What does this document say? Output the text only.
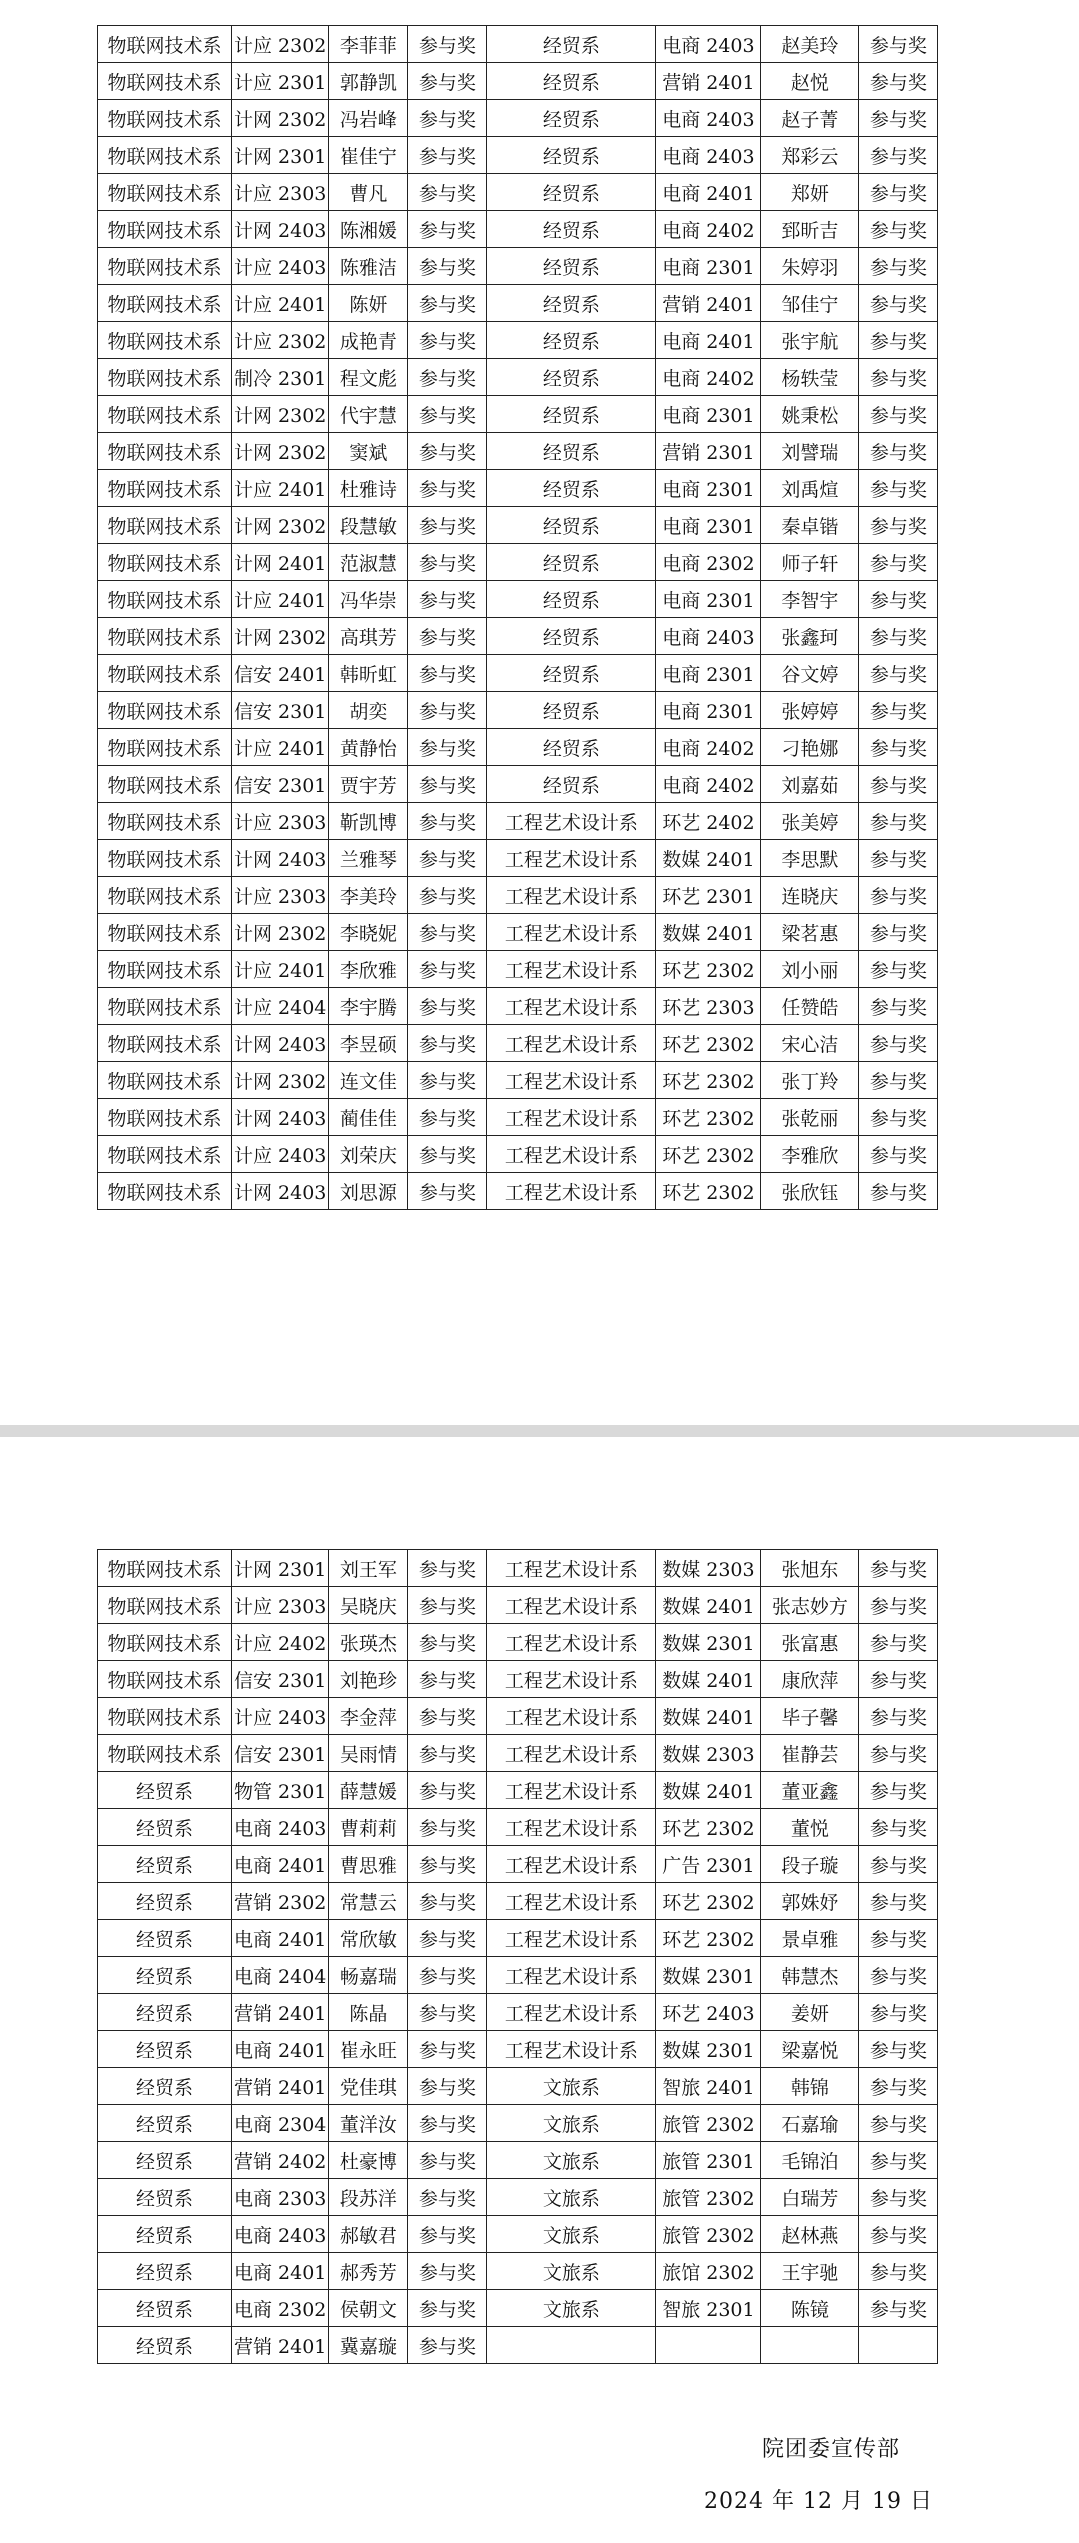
物联网技术系	计应 2302	李菲菲	参与奖	经贸系	电商 2403	赵美玲	参与奖
物联网技术系	计应 2301	郭静凯	参与奖	经贸系	营销 2401	赵悦	参与奖
物联网技术系	计网 2302	冯岩峰	参与奖	经贸系	电商 2403	赵子菁	参与奖
物联网技术系	计网 2301	崔佳宁	参与奖	经贸系	电商 2403	郑彩云	参与奖
物联网技术系	计应 2303	曹凡	参与奖	经贸系	电商 2401	郑妍	参与奖
物联网技术系	计网 2403	陈湘媛	参与奖	经贸系	电商 2402	郅昕吉	参与奖
物联网技术系	计应 2403	陈雅洁	参与奖	经贸系	电商 2301	朱婷羽	参与奖
物联网技术系	计应 2401	陈妍	参与奖	经贸系	营销 2401	邹佳宁	参与奖
物联网技术系	计应 2302	成艳青	参与奖	经贸系	电商 2401	张宇航	参与奖
物联网技术系	制冷 2301	程文彪	参与奖	经贸系	电商 2402	杨轶莹	参与奖
物联网技术系	计网 2302	代宇慧	参与奖	经贸系	电商 2301	姚秉松	参与奖
物联网技术系	计网 2302	窦斌	参与奖	经贸系	营销 2301	刘譬瑞	参与奖
物联网技术系	计应 2401	杜雅诗	参与奖	经贸系	电商 2301	刘禹煊	参与奖
物联网技术系	计网 2302	段慧敏	参与奖	经贸系	电商 2301	秦卓锴	参与奖
物联网技术系	计网 2401	范淑慧	参与奖	经贸系	电商 2302	师子轩	参与奖
物联网技术系	计应 2401	冯华崇	参与奖	经贸系	电商 2301	李智宇	参与奖
物联网技术系	计网 2302	高琪芳	参与奖	经贸系	电商 2403	张鑫珂	参与奖
物联网技术系	信安 2401	韩昕虹	参与奖	经贸系	电商 2301	谷文婷	参与奖
物联网技术系	信安 2301	胡奕	参与奖	经贸系	电商 2301	张婷婷	参与奖
物联网技术系	计应 2401	黄静怡	参与奖	经贸系	电商 2402	刁艳娜	参与奖
物联网技术系	信安 2301	贾宇芳	参与奖	经贸系	电商 2402	刘嘉茹	参与奖
物联网技术系	计应 2303	靳凯博	参与奖	工程艺术设计系	环艺 2402	张美婷	参与奖
物联网技术系	计网 2403	兰雅琴	参与奖	工程艺术设计系	数媒 2401	李思默	参与奖
物联网技术系	计应 2303	李美玲	参与奖	工程艺术设计系	环艺 2301	连晓庆	参与奖
物联网技术系	计网 2302	李晓妮	参与奖	工程艺术设计系	数媒 2401	梁茗惠	参与奖
物联网技术系	计应 2401	李欣雅	参与奖	工程艺术设计系	环艺 2302	刘小丽	参与奖
物联网技术系	计应 2404	李宇腾	参与奖	工程艺术设计系	环艺 2303	任赞皓	参与奖
物联网技术系	计网 2403	李昱硕	参与奖	工程艺术设计系	环艺 2302	宋心洁	参与奖
物联网技术系	计网 2302	连文佳	参与奖	工程艺术设计系	环艺 2302	张丁羚	参与奖
物联网技术系	计网 2403	蔺佳佳	参与奖	工程艺术设计系	环艺 2302	张乾丽	参与奖
物联网技术系	计应 2403	刘荣庆	参与奖	工程艺术设计系	环艺 2302	李雅欣	参与奖
物联网技术系	计网 2403	刘思源	参与奖	工程艺术设计系	环艺 2302	张欣钰	参与奖
物联网技术系	计网 2301	刘王军	参与奖	工程艺术设计系	数媒 2303	张旭东	参与奖
物联网技术系	计应 2303	吴晓庆	参与奖	工程艺术设计系	数媒 2401	张志妙方	参与奖
物联网技术系	计应 2402	张瑛杰	参与奖	工程艺术设计系	数媒 2301	张富惠	参与奖
物联网技术系	信安 2301	刘艳珍	参与奖	工程艺术设计系	数媒 2401	康欣萍	参与奖
物联网技术系	计应 2403	李金萍	参与奖	工程艺术设计系	数媒 2401	毕子馨	参与奖
物联网技术系	信安 2301	吴雨情	参与奖	工程艺术设计系	数媒 2303	崔静芸	参与奖
经贸系	物管 2301	薛慧媛	参与奖	工程艺术设计系	数媒 2401	董亚鑫	参与奖
经贸系	电商 2403	曹莉莉	参与奖	工程艺术设计系	环艺 2302	董悦	参与奖
经贸系	电商 2401	曹思雅	参与奖	工程艺术设计系	广告 2301	段子璇	参与奖
经贸系	营销 2302	常慧云	参与奖	工程艺术设计系	环艺 2302	郭姝妤	参与奖
经贸系	电商 2401	常欣敏	参与奖	工程艺术设计系	环艺 2302	景卓雅	参与奖
经贸系	电商 2404	畅嘉瑞	参与奖	工程艺术设计系	数媒 2301	韩慧杰	参与奖
经贸系	营销 2401	陈晶	参与奖	工程艺术设计系	环艺 2403	姜妍	参与奖
经贸系	电商 2401	崔永旺	参与奖	工程艺术设计系	数媒 2301	梁嘉悦	参与奖
经贸系	营销 2401	党佳琪	参与奖	文旅系	智旅 2401	韩锦	参与奖
经贸系	电商 2304	董洋汝	参与奖	文旅系	旅管 2302	石嘉瑜	参与奖
经贸系	营销 2402	杜豪博	参与奖	文旅系	旅管 2301	毛锦泊	参与奖
经贸系	电商 2303	段苏洋	参与奖	文旅系	旅管 2302	白瑞芳	参与奖
经贸系	电商 2403	郝敏君	参与奖	文旅系	旅管 2302	赵林燕	参与奖
经贸系	电商 2401	郝秀芳	参与奖	文旅系	旅馆 2302	王宇驰	参与奖
经贸系	电商 2302	侯朝文	参与奖	文旅系	智旅 2301	陈镜	参与奖
经贸系	营销 2401	冀嘉璇	参与奖				
院团委宣传部
2024 年 12 月 19 日
